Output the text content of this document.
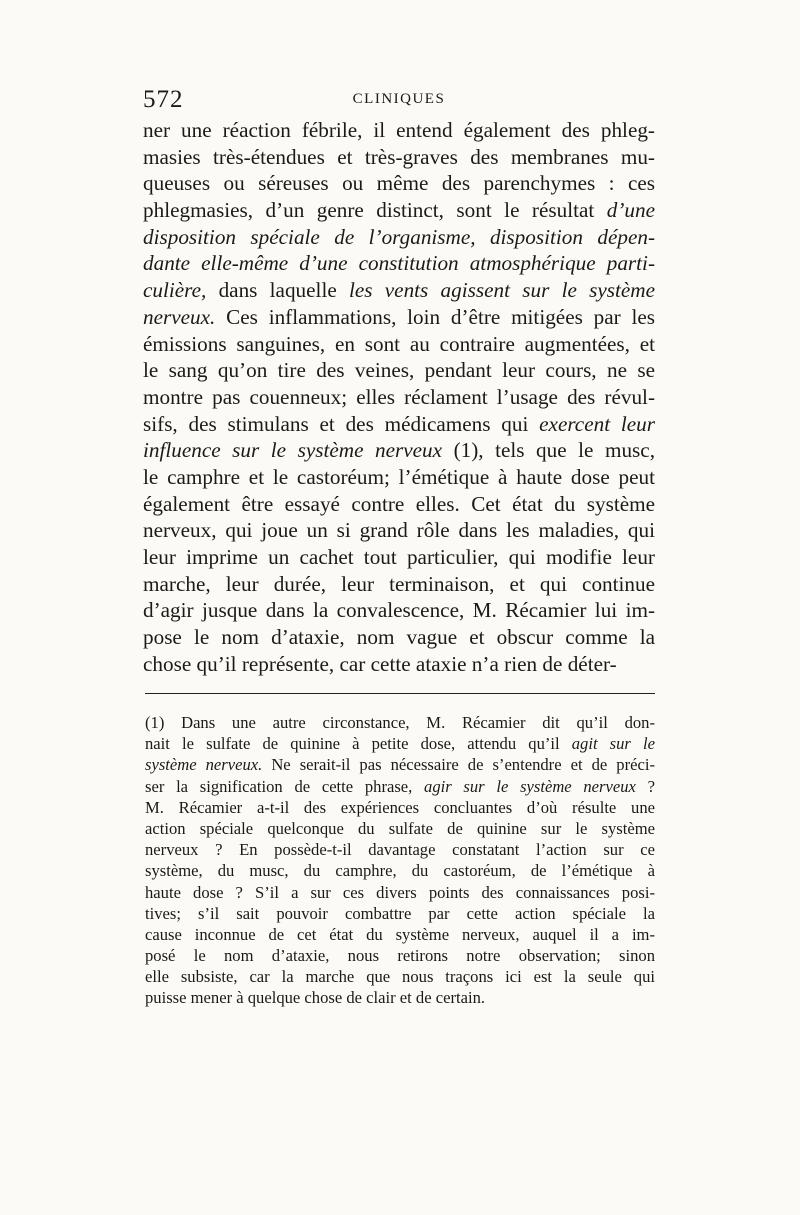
572	CLINIQUES
ner une réaction fébrile, il entend également des phleg-
masies très-étendues et très-graves des membranes mu-
queuses ou séreuses ou même des parenchymes : ces
phlegmasies, d’un genre distinct, sont le résultat d’une
disposition spéciale de l’organisme, disposition dépen-
dante elle-même d’une constitution atmosphérique parti-
culière, dans laquelle les vents agissent sur le système
nerveux. Ces inflammations, loin d’être mitigées par les
émissions sanguines, en sont au contraire augmentées, et
le sang qu’on tire des veines, pendant leur cours, ne se
montre pas couenneux; elles réclament l’usage des révul-
sifs, des stimulans et des médicamens qui exercent leur
influence sur le système nerveux (1), tels que le musc,
le camphre et le castoréum; l’émétique à haute dose peut
également être essayé contre elles. Cet état du système
nerveux, qui joue un si grand rôle dans les maladies, qui
leur imprime un cachet tout particulier, qui modifie leur
marche, leur durée, leur terminaison, et qui continue
d’agir jusque dans la convalescence, M. Récamier lui im-
pose le nom d’ataxie, nom vague et obscur comme la
chose qu’il représente, car cette ataxie n’a rien de déter-
(1) Dans une autre circonstance, M. Récamier dit qu’il don-
nait le sulfate de quinine à petite dose, attendu qu’il agit sur le
système nerveux. Ne serait-il pas nécessaire de s’entendre et de préci-
ser la signification de cette phrase, agir sur le système nerveux ?
M. Récamier a-t-il des expériences concluantes d’où résulte une
action spéciale quelconque du sulfate de quinine sur le système
nerveux ? En possède-t-il davantage constatant l’action sur ce
système, du musc, du camphre, du castoréum, de l’émétique à
haute dose ? S’il a sur ces divers points des connaissances posi-
tives; s’il sait pouvoir combattre par cette action spéciale la
cause inconnue de cet état du système nerveux, auquel il a im-
posé le nom d’ataxie, nous retirons notre observation; sinon
elle subsiste, car la marche que nous traçons ici est la seule qui
puisse mener à quelque chose de clair et de certain.
